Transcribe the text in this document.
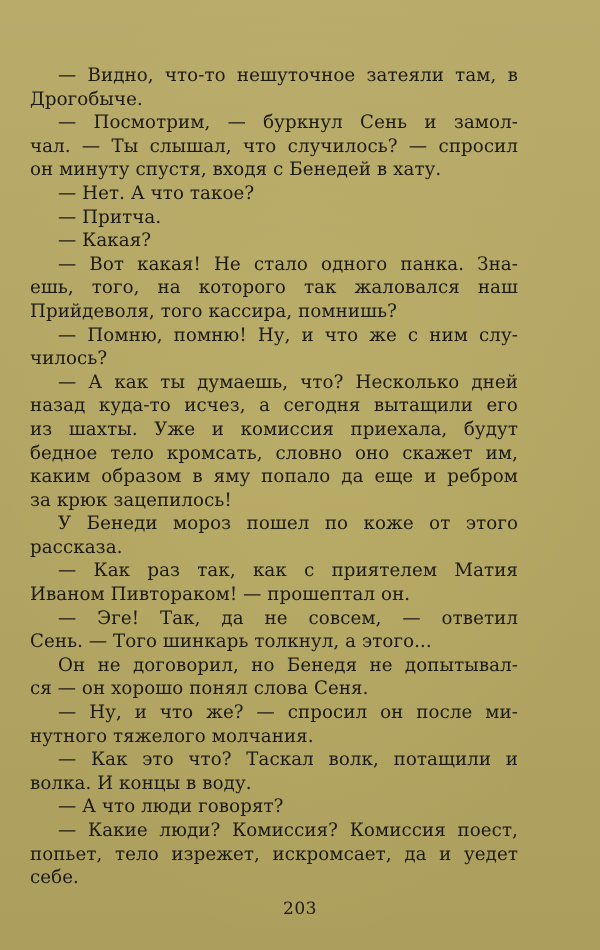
— Видно, что-то нешуточное затеяли там, в
Дрогобыче.
— Посмотрим, — буркнул Сень и замол-
чал. — Ты слышал, что случилось? — спросил
он минуту спустя, входя с Бенедей в хату.
— Нет. А что такое?
— Притча.
— Какая?
— Вот какая! Не стало одного панка. Зна-
ешь, того, на которого так жаловался наш
Прийдеволя, того кассира, помнишь?
— Помню, помню! Ну, и что же с ним слу-
чилось?
— А как ты думаешь, что? Несколько дней
назад куда-то исчез, а сегодня вытащили его
из шахты. Уже и комиссия приехала, будут
бедное тело кромсать, словно оно скажет им,
каким образом в яму попало да еще и ребром
за крюк зацепилось!
У Бенеди мороз пошел по коже от этого
рассказа.
— Как раз так, как с приятелем Матия
Иваном Пивтораком! — прошептал он.
— Эге! Так, да не совсем, — ответил
Сень. — Того шинкарь толкнул, а этого...
Он не договорил, но Бенедя не допытывал-
ся — он хорошо понял слова Сеня.
— Ну, и что же? — спросил он после ми-
нутного тяжелого молчания.
— Как это что? Таскал волк, потащили и
волка. И концы в воду.
— А что люди говорят?
— Какие люди? Комиссия? Комиссия поест,
попьет, тело изрежет, искромсает, да и уедет
себе.
203
